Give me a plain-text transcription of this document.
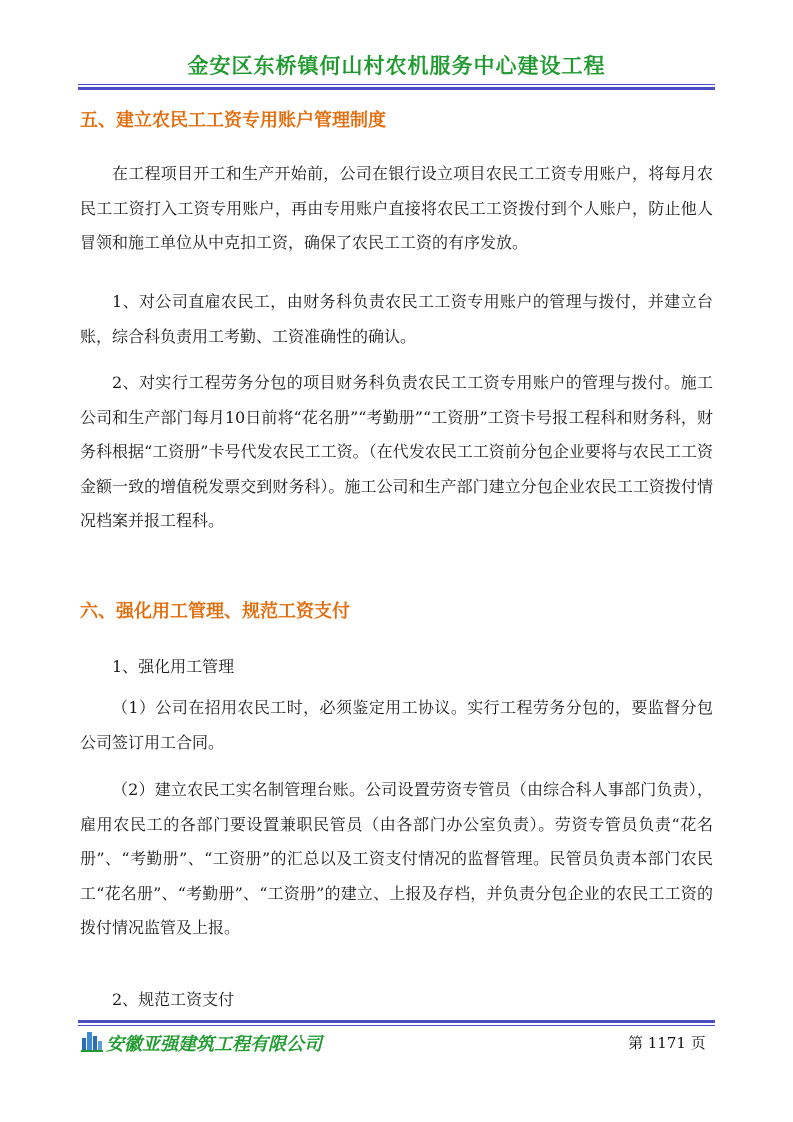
金安区东桥镇何山村农机服务中心建设工程
五、建立农民工工资专用账户管理制度

在工程项目开工和生产开始前，公司在银行设立项目农民工工资专用账户，将每月农民工工资打入工资专用账户，再由专用账户直接将农民工工资拨付到个人账户，防止他人冒领和施工单位从中克扣工资，确保了农民工工资的有序发放。

1、对公司直雇农民工，由财务科负责农民工工资专用账户的管理与拨付，并建立台账，综合科负责用工考勤、工资准确性的确认。

2、对实行工程劳务分包的项目财务科负责农民工工资专用账户的管理与拨付。施工公司和生产部门每月10日前将“花名册”“考勤册”“工资册”工资卡号报工程科和财务科，财务科根据“工资册”卡号代发农民工工资。（在代发农民工工资前分包企业要将与农民工工资金额一致的增值税发票交到财务科）。施工公司和生产部门建立分包企业农民工工资拨付情况档案并报工程科。

六、强化用工管理、规范工资支付

1、强化用工管理

（1）公司在招用农民工时，必须鉴定用工协议。实行工程劳务分包的，要监督分包公司签订用工合同。

（2）建立农民工实名制管理台账。公司设置劳资专管员（由综合科人事部门负责），雇用农民工的各部门要设置兼职民管员（由各部门办公室负责）。劳资专管员负责“花名册”、“考勤册”、“工资册”的汇总以及工资支付情况的监督管理。民管员负责本部门农民工“花名册”、“考勤册”、“工资册”的建立、上报及存档，并负责分包企业的农民工工资的拨付情况监管及上报。

2、规范工资支付

安徽亚强建筑工程有限公司	第 1171 页
